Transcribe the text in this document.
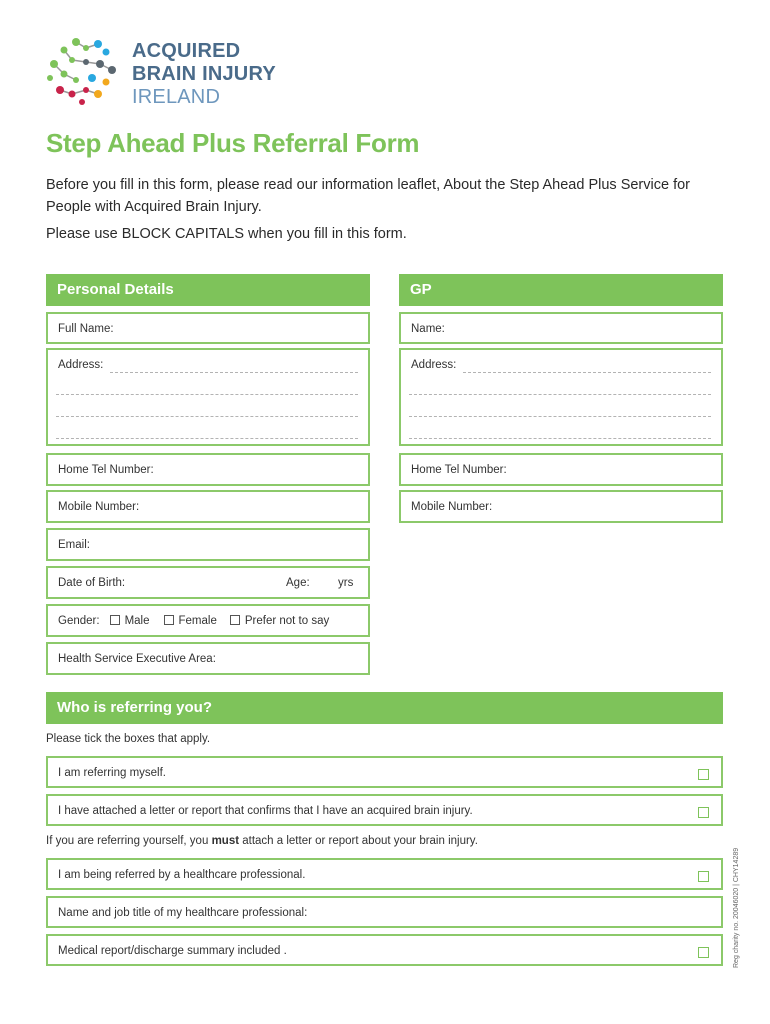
ACQUIRED
BRAIN INJURY
IRELAND
Step Ahead Plus Referral Form

Before you fill in this form, please read our information leaflet, About the Step Ahead Plus Service for People with Acquired Brain Injury.

Please use BLOCK CAPITALS when you fill in this form.

Personal Details
Full Name:
Address:
Home Tel Number:
Mobile Number:
Email:
Date of Birth:	Age: yrs
Gender: Male	Female Prefer not to say
Health Service Executive Area:
GP
Name:
Address:
Home Tel Number:
Mobile Number:
Who is referring you?

Please tick the boxes that apply.

I am referring myself.
I have attached a letter or report that confirms that I have an acquired brain injury.

If you are referring yourself, you must attach a letter or report about your brain injury.

I am being referred by a healthcare professional.
Name and job title of my healthcare professional:
Medical report/discharge summary included .	Reg charity no. 20046020 | CHY14289
